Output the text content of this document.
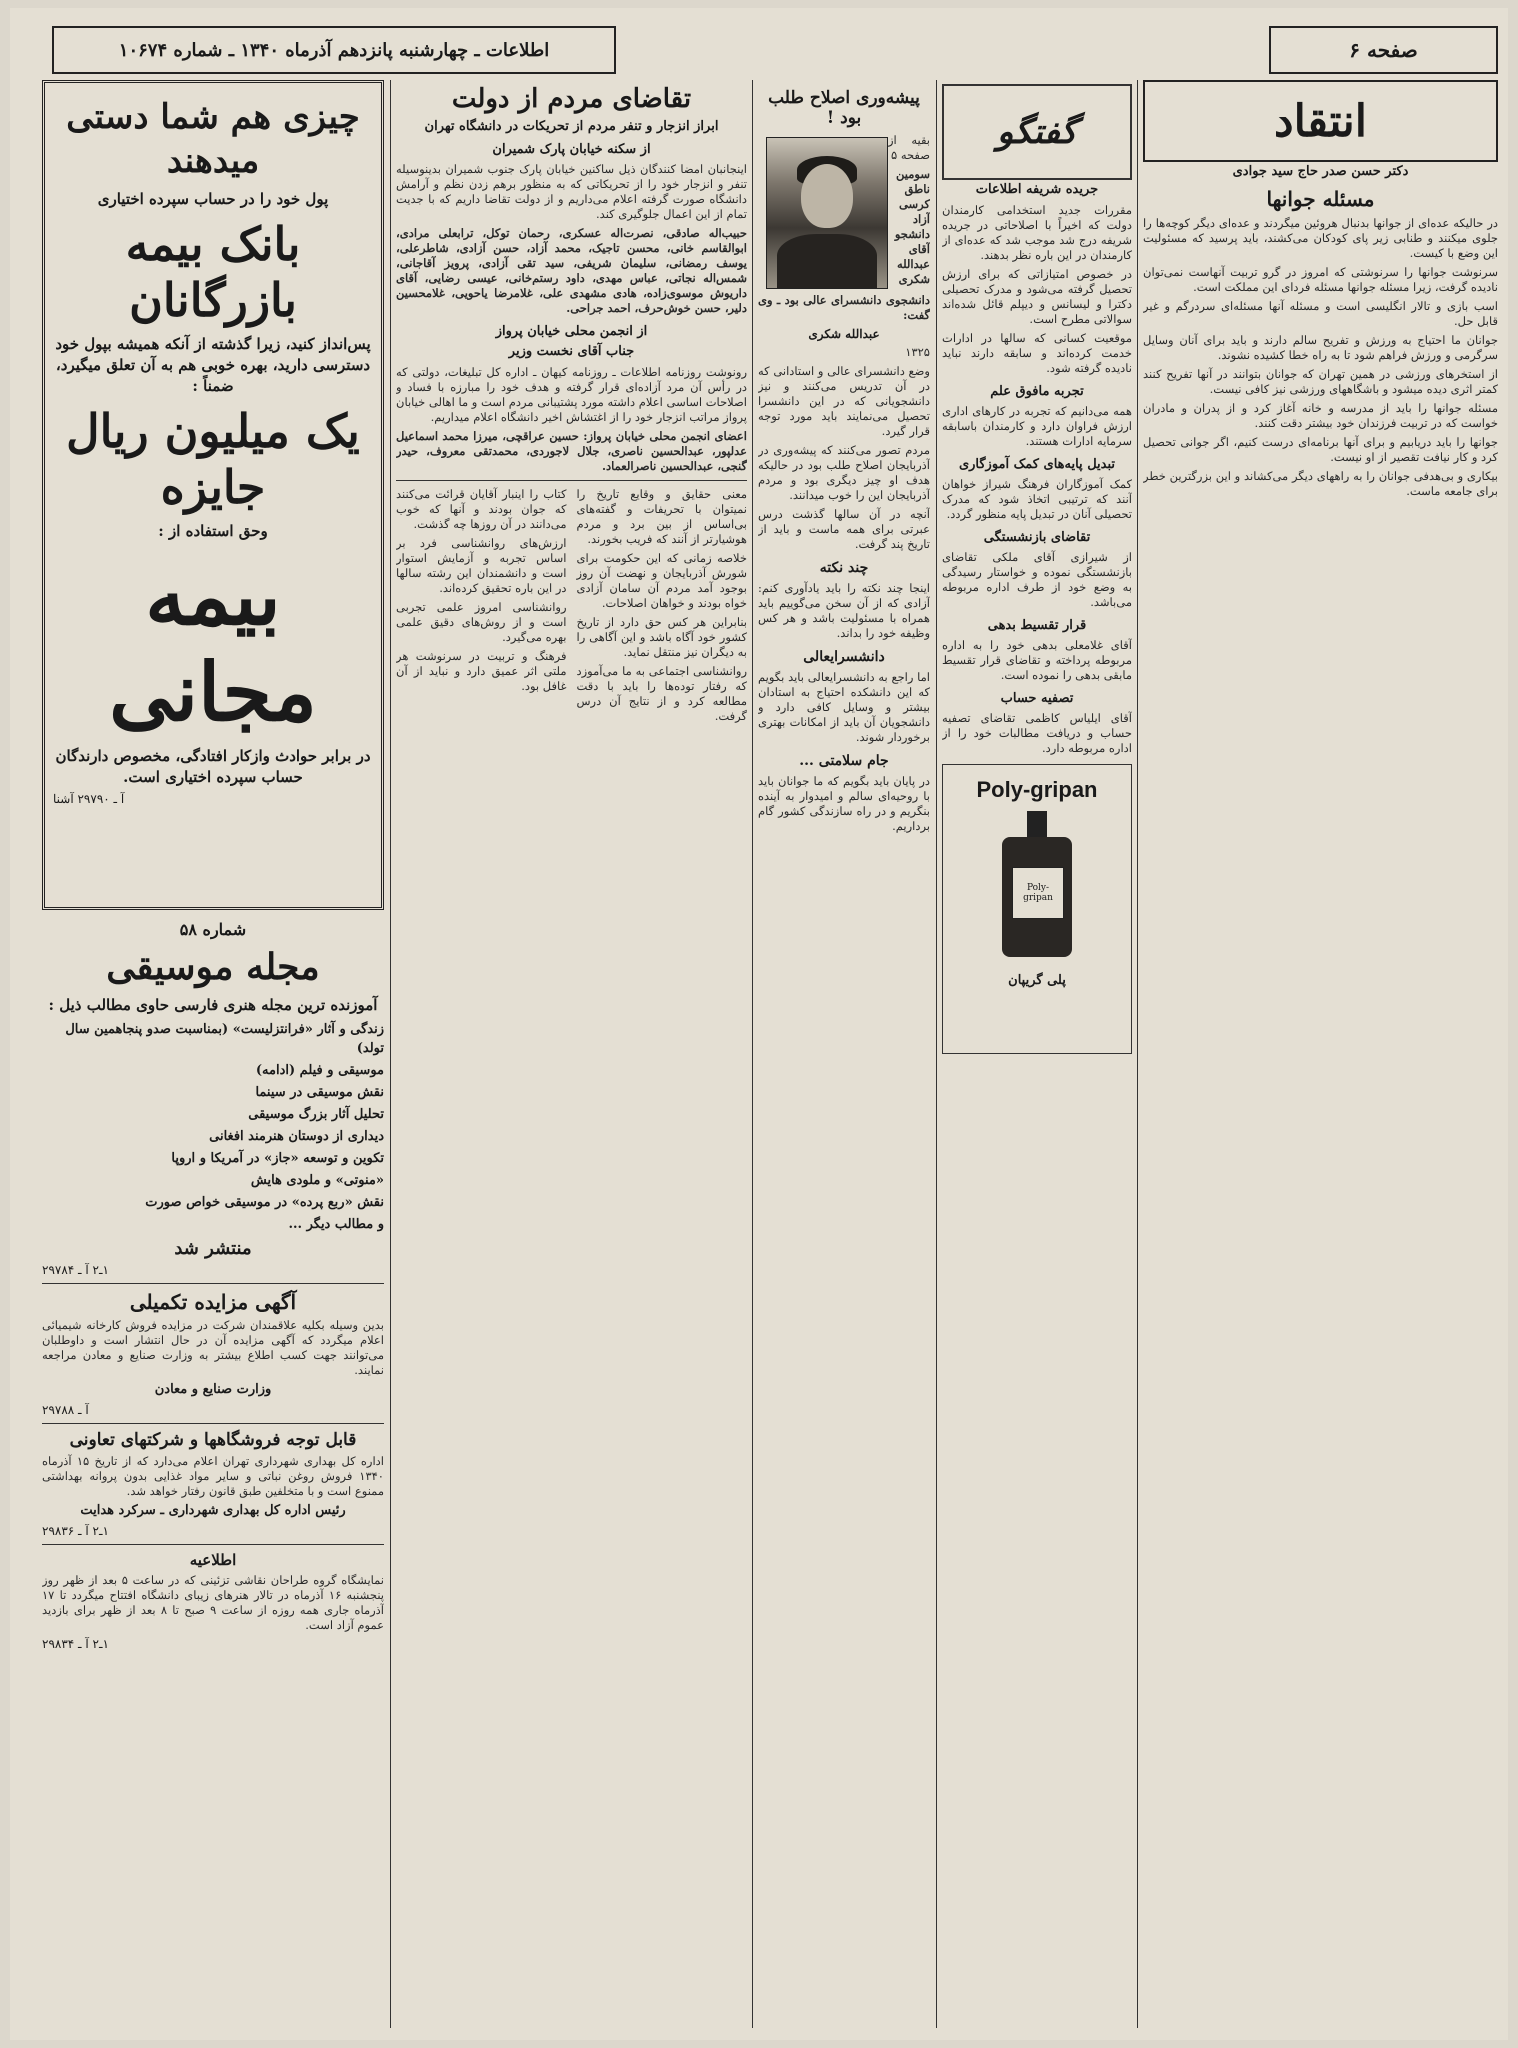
صفحه ۶
اطلاعات ـ چهارشنبه پانزدهم آذرماه ۱۳۴۰ ـ شماره ۱۰۶۷۴
انتقاد
دکتر حسن صدر حاج سید جوادی
مسئله جوانها

در حالیکه عده‌ای از جوانها بدنبال هروئین میگردند و عده‌ای دیگر کوچه‌ها را جلوی میکنند و طنابی زیر پای کودکان می‌کشند، باید پرسید که مسئولیت این وضع با کیست.

سرنوشت جوانها را سرنوشتی که امروز در گرو تربیت آنهاست نمی‌توان نادیده گرفت، زیرا مسئله جوانها مسئله فردای این مملکت است.

اسب بازی و تالار انگلیسی است و مسئله آنها مسئله‌ای سردرگم و غیر قابل حل.

جوانان ما احتیاج به ورزش و تفریح سالم دارند و باید برای آنان وسایل سرگرمی و ورزش فراهم شود تا به راه خطا کشیده نشوند.

از استخرهای ورزشی در همین تهران که جوانان بتوانند در آنها تفریح کنند کمتر اثری دیده میشود و باشگاههای ورزشی نیز کافی نیست.

مسئله جوانها را باید از مدرسه و خانه آغاز کرد و از پدران و مادران خواست که در تربیت فرزندان خود بیشتر دقت کنند.

جوانها را باید دریابیم و برای آنها برنامه‌ای درست کنیم، اگر جوانی تحصیل کرد و کار نیافت تقصیر از او نیست.

بیکاری و بی‌هدفی جوانان را به راههای دیگر می‌کشاند و این بزرگترین خطر برای جامعه ماست.

گفتگو
جریده شریفه اطلاعات

مقررات جدید استخدامی کارمندان دولت که اخیراً با اصلاحاتی در جریده شریفه درج شد موجب شد که عده‌ای از کارمندان در این باره نظر بدهند.

در خصوص امتیازاتی که برای ارزش تحصیل گرفته می‌شود و مدرک تحصیلی دکترا و لیسانس و دیپلم قائل شده‌اند سوالاتی مطرح است.

موقعیت کسانی که سالها در ادارات خدمت کرده‌اند و سابقه دارند نباید نادیده گرفته شود.

تجربه مافوق علم

همه می‌دانیم که تجربه در کارهای اداری ارزش فراوان دارد و کارمندان باسابقه سرمایه ادارات هستند.

تبدیل پایه‌های کمک آموزگاری

کمک آموزگاران فرهنگ شیراز خواهان آنند که ترتیبی اتخاذ شود که مدرک تحصیلی آنان در تبدیل پایه منظور گردد.

تقاضای بازنشستگی

از شیرازی آقای ملکی تقاضای بازنشستگی نموده و خواستار رسیدگی به وضع خود از طرف اداره مربوطه می‌باشد.

قرار تقسیط بدهی

آقای غلامعلی بدهی خود را به اداره مربوطه پرداخته و تقاضای قرار تقسیط مابقی بدهی را نموده است.

تصفیه حساب

آقای ایلیاس کاظمی تقاضای تصفیه حساب و دریافت مطالبات خود را از اداره مربوطه دارد.

Poly-gripan
Poly-gripan
پلی گریپان
پیشه‌وری اصلاح طلب بود !

بقیه از صفحه ۵

سومین ناطق کرسی آزاد دانشجو آقای عبدالله شکری دانشجوی دانشسرای عالی بود ـ وی گفت:

عبدالله شکری

۱۳۲۵

وضع دانشسرای عالی و استادانی که در آن تدریس می‌کنند و نیز دانشجویانی که در این دانشسرا تحصیل می‌نمایند باید مورد توجه قرار گیرد.

مردم تصور می‌کنند که پیشه‌وری در آذربایجان اصلاح طلب بود در حالیکه هدف او چیز دیگری بود و مردم آذربایجان این را خوب میدانند.

آنچه در آن سالها گذشت درس عبرتی برای همه ماست و باید از تاریخ پند گرفت.

چند نکته

اینجا چند نکته را باید یادآوری کنم: آزادی که از آن سخن می‌گوییم باید همراه با مسئولیت باشد و هر کس وظیفه خود را بداند.

دانشسرایعالی

اما راجع به دانشسرایعالی باید بگویم که این دانشکده احتیاج به استادان بیشتر و وسایل کافی دارد و دانشجویان آن باید از امکانات بهتری برخوردار شوند.

جام سلامتی ...

در پایان باید بگویم که ما جوانان باید با روحیه‌ای سالم و امیدوار به آینده بنگریم و در راه سازندگی کشور گام برداریم.

تقاضای مردم از دولت
ابراز انزجار و تنفر مردم از تحریکات در دانشگاه تهران
از سکنه خیابان پارک شمیران

اینجانبان امضا کنندگان ذیل ساکنین خیابان پارک جنوب شمیران بدینوسیله تنفر و انزجار خود را از تحریکاتی که به منظور برهم زدن نظم و آرامش دانشگاه صورت گرفته اعلام می‌داریم و از دولت تقاضا داریم که با جدیت تمام از این اعمال جلوگیری کند.

حبیب‌اله صادقی، نصرت‌اله عسکری، رحمان توکل، ترابعلی مرادی، ابوالقاسم خانی، محسن تاجیک، محمد آزاد، حسن آزادی، شاطرعلی، یوسف رمضانی، سلیمان شریفی، سید تقی آزادی، پرویز آقاجانی، شمس‌اله نجاتی، عباس مهدی، داود رستم‌خانی، عیسی رضایی، آقای داریوش موسوی‌زاده، هادی مشهدی علی، غلامرضا یاحویی، غلامحسین دلیر، حسن خوش‌حرف، احمد جراحی.

از انجمن محلی خیابان پرواز
جناب آقای نخست وزیر

رونوشت روزنامه اطلاعات ـ روزنامه کیهان ـ اداره کل تبلیغات، دولتی که در رأس آن مرد آزاده‌ای قرار گرفته و هدف خود را مبارزه با فساد و اصلاحات اساسی اعلام داشته مورد پشتیبانی مردم است و ما اهالی خیابان پرواز مراتب انزجار خود را از اغتشاش اخیر دانشگاه اعلام میداریم.

اعضای انجمن محلی خیابان پرواز: حسین عراقچی، میرزا محمد اسماعیل عدلپور، عبدالحسین ناصری، جلال لاجوردی، محمدتقی معروف، حیدر گنجی، عبدالحسین ناصرالعماد.

معنی حقایق و وقایع تاریخ را نمیتوان با تحریفات و گفته‌های بی‌اساس از بین برد و مردم هوشیارتر از آنند که فریب بخورند.

خلاصه زمانی که این حکومت برای شورش آذربایجان و نهضت آن روز بوجود آمد مردم آن سامان آزادی خواه بودند و خواهان اصلاحات.

بنابراین هر کس حق دارد از تاریخ کشور خود آگاه باشد و این آگاهی را به دیگران نیز منتقل نماید.

روانشناسی اجتماعی به ما می‌آموزد که رفتار توده‌ها را باید با دقت مطالعه کرد و از نتایج آن درس گرفت.

کتاب را اینبار آقایان قرائت می‌کنند که جوان بودند و آنها که خوب می‌دانند در آن روزها چه گذشت.

ارزش‌های روانشناسی فرد بر اساس تجربه و آزمایش استوار است و دانشمندان این رشته سالها در این باره تحقیق کرده‌اند.

روانشناسی امروز علمی تجربی است و از روش‌های دقیق علمی بهره می‌گیرد.

فرهنگ و تربیت در سرنوشت هر ملتی اثر عمیق دارد و نباید از آن غافل بود.

چیزی هم شما دستی میدهند
پول خود را در حساب سپرده اختیاری
بانک بیمه بازرگانان
پس‌انداز کنید، زیرا گذشته از آنکه همیشه بپول خود دسترسی دارید، بهره خوبی هم به آن تعلق میگیرد، ضمناً :
یک میلیون ریال جایزه
وحق استفاده از :
بیمه مجانی
در برابر حوادث وازکار افتادگی، مخصوص دارندگان حساب سپرده اختیاری است.
آ ـ ۲۹۷۹۰ آشنا
شماره ۵۸
مجله موسیقی
آموزنده ترین مجله هنری فارسی حاوی مطالب ذیل :
زندگی و آثار «فرانتزلیست» (بمناسبت صدو پنجاهمین سال تولد)
موسیقی و فیلم (ادامه)
نقش موسیقی در سینما
تحلیل آثار بزرگ موسیقی
دیداری از دوستان هنرمند افغانی
تکوین و توسعه «جاز» در آمریکا و اروپا
«منوتی» و ملودی هایش
نقش «ربع پرده» در موسیقی خواص صورت
و مطالب دیگر ...
منتشر شد
۱ـ۲ آ ـ ۲۹۷۸۴
آگهی مزایده تکمیلی

بدین وسیله بکلیه علاقمندان شرکت در مزایده فروش کارخانه شیمیائی اعلام میگردد که آگهی مزایده آن در حال انتشار است و داوطلبان می‌توانند جهت کسب اطلاع بیشتر به وزارت صنایع و معادن مراجعه نمایند.

وزارت صنایع و معادن
آ ـ ۲۹۷۸۸
قابل توجه فروشگاهها و شرکتهای تعاونی

اداره کل بهداری شهرداری تهران اعلام می‌دارد که از تاریخ ۱۵ آذرماه ۱۳۴۰ فروش روغن نباتی و سایر مواد غذایی بدون پروانه بهداشتی ممنوع است و با متخلفین طبق قانون رفتار خواهد شد.

رئیس اداره کل بهداری شهرداری ـ سرکرد هدایت
۱ـ۲ آ ـ ۲۹۸۳۶
اطلاعیه

نمایشگاه گروه طراحان نقاشی تزئینی که در ساعت ۵ بعد از ظهر روز پنجشنبه ۱۶ آذرماه در تالار هنرهای زیبای دانشگاه افتتاح میگردد تا ۱۷ آذرماه جاری همه روزه از ساعت ۹ صبح تا ۸ بعد از ظهر برای بازدید عموم آزاد است.

۱ـ۲ آ ـ ۲۹۸۳۴
